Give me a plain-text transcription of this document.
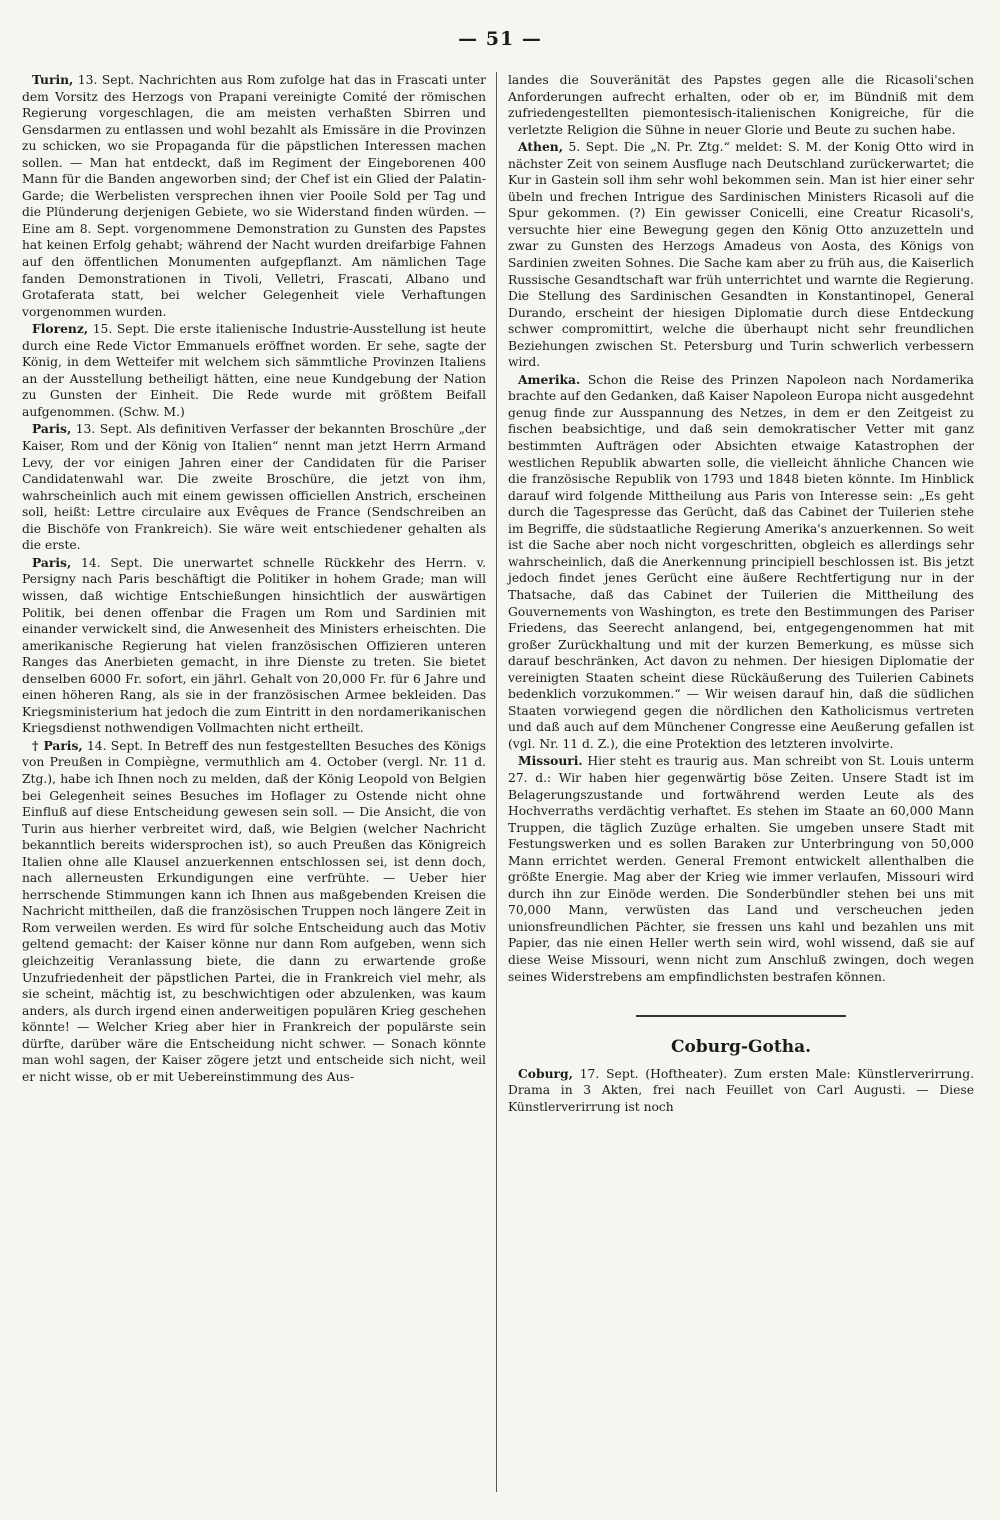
— 51 —

Turin, 13. Sept. Nachrichten aus Rom zufolge hat das in Frascati unter dem Vorsitz des Herzogs von Prapani vereinigte Comité der römischen Regierung vorgeschlagen, die am meisten verhaßten Sbirren und Gensdarmen zu entlassen und wohl bezahlt als Emissäre in die Provinzen zu schicken, wo sie Propaganda für die päpstlichen Interessen machen sollen. — Man hat entdeckt, daß im Regiment der Eingeborenen 400 Mann für die Banden angeworben sind; der Chef ist ein Glied der Palatin-Garde; die Werbelisten versprechen ihnen vier Pooile Sold per Tag und die Plünderung derjenigen Gebiete, wo sie Widerstand finden würden. — Eine am 8. Sept. vorgenommene Demonstration zu Gunsten des Papstes hat keinen Erfolg gehabt; während der Nacht wurden dreifarbige Fahnen auf den öffentlichen Monumenten aufgepflanzt. Am nämlichen Tage fanden Demonstrationen in Tivoli, Velletri, Frascati, Albano und Grotaferata statt, bei welcher Gelegenheit viele Verhaftungen vorgenommen wurden.

Florenz, 15. Sept. Die erste italienische Industrie-Ausstellung ist heute durch eine Rede Victor Emmanuels eröffnet worden. Er sehe, sagte der König, in dem Wetteifer mit welchem sich sämmtliche Provinzen Italiens an der Ausstellung betheiligt hätten, eine neue Kundgebung der Nation zu Gunsten der Einheit. Die Rede wurde mit größtem Beifall aufgenommen. (Schw. M.)

Paris, 13. Sept. Als definitiven Verfasser der bekannten Broschüre „der Kaiser, Rom und der König von Italien“ nennt man jetzt Herrn Armand Levy, der vor einigen Jahren einer der Candidaten für die Pariser Candidatenwahl war. Die zweite Broschüre, die jetzt von ihm, wahrscheinlich auch mit einem gewissen officiellen Anstrich, erscheinen soll, heißt: Lettre circulaire aux Evêques de France (Sendschreiben an die Bischöfe von Frankreich). Sie wäre weit entschiedener gehalten als die erste.

Paris, 14. Sept. Die unerwartet schnelle Rückkehr des Herrn. v. Persigny nach Paris beschäftigt die Politiker in hohem Grade; man will wissen, daß wichtige Entschießungen hinsichtlich der auswärtigen Politik, bei denen offenbar die Fragen um Rom und Sardinien mit einander verwickelt sind, die Anwesenheit des Ministers erheischten. Die amerikanische Regierung hat vielen französischen Offizieren unteren Ranges das Anerbieten gemacht, in ihre Dienste zu treten. Sie bietet denselben 6000 Fr. sofort, ein jährl. Gehalt von 20,000 Fr. für 6 Jahre und einen höheren Rang, als sie in der französischen Armee bekleiden. Das Kriegsministerium hat jedoch die zum Eintritt in den nordamerikanischen Kriegsdienst nothwendigen Vollmachten nicht ertheilt.

† Paris, 14. Sept. In Betreff des nun festgestellten Besuches des Königs von Preußen in Compiègne, vermuthlich am 4. October (vergl. Nr. 11 d. Ztg.), habe ich Ihnen noch zu melden, daß der König Leopold von Belgien bei Gelegenheit seines Besuches im Hoflager zu Ostende nicht ohne Einfluß auf diese Entscheidung gewesen sein soll. — Die Ansicht, die von Turin aus hierher verbreitet wird, daß, wie Belgien (welcher Nachricht bekanntlich bereits widersprochen ist), so auch Preußen das Königreich Italien ohne alle Klausel anzuerkennen entschlossen sei, ist denn doch, nach allerneusten Erkundigungen eine verfrühte. — Ueber hier herrschende Stimmungen kann ich Ihnen aus maßgebenden Kreisen die Nachricht mittheilen, daß die französischen Truppen noch längere Zeit in Rom verweilen werden. Es wird für solche Entscheidung auch das Motiv geltend gemacht: der Kaiser könne nur dann Rom aufgeben, wenn sich gleichzeitig Veranlassung biete, die dann zu erwartende große Unzufriedenheit der päpstlichen Partei, die in Frankreich viel mehr, als sie scheint, mächtig ist, zu beschwichtigen oder abzulenken, was kaum anders, als durch irgend einen anderweitigen populären Krieg geschehen könnte! — Welcher Krieg aber hier in Frankreich der populärste sein dürfte, darüber wäre die Entscheidung nicht schwer. — Sonach könnte man wohl sagen, der Kaiser zögere jetzt und entscheide sich nicht, weil er nicht wisse, ob er mit Uebereinstimmung des Aus-

landes die Souveränität des Papstes gegen alle die Ricasoli'schen Anforderungen aufrecht erhalten, oder ob er, im Bündniß mit dem zufriedengestellten piemontesisch-italienischen Konigreiche, für die verletzte Religion die Sühne in neuer Glorie und Beute zu suchen habe.

Athen, 5. Sept. Die „N. Pr. Ztg.“ meldet: S. M. der Konig Otto wird in nächster Zeit von seinem Ausfluge nach Deutschland zurückerwartet; die Kur in Gastein soll ihm sehr wohl bekommen sein. Man ist hier einer sehr übeln und frechen Intrigue des Sardinischen Ministers Ricasoli auf die Spur gekommen. (?) Ein gewisser Conicelli, eine Creatur Ricasoli's, versuchte hier eine Bewegung gegen den König Otto anzuzetteln und zwar zu Gunsten des Herzogs Amadeus von Aosta, des Königs von Sardinien zweiten Sohnes. Die Sache kam aber zu früh aus, die Kaiserlich Russische Gesandtschaft war früh unterrichtet und warnte die Regierung. Die Stellung des Sardinischen Gesandten in Konstantinopel, General Durando, erscheint der hiesigen Diplomatie durch diese Entdeckung schwer compromittirt, welche die überhaupt nicht sehr freundlichen Beziehungen zwischen St. Petersburg und Turin schwerlich verbessern wird.

Amerika. Schon die Reise des Prinzen Napoleon nach Nordamerika brachte auf den Gedanken, daß Kaiser Napoleon Europa nicht ausgedehnt genug finde zur Ausspannung des Netzes, in dem er den Zeitgeist zu fischen beabsichtige, und daß sein demokratischer Vetter mit ganz bestimmten Aufträgen oder Absichten etwaige Katastrophen der westlichen Republik abwarten solle, die vielleicht ähnliche Chancen wie die französische Republik von 1793 und 1848 bieten könnte. Im Hinblick darauf wird folgende Mittheilung aus Paris von Interesse sein: „Es geht durch die Tagespresse das Gerücht, daß das Cabinet der Tuilerien stehe im Begriffe, die südstaatliche Regierung Amerika's anzuerkennen. So weit ist die Sache aber noch nicht vorgeschritten, obgleich es allerdings sehr wahrscheinlich, daß die Anerkennung principiell beschlossen ist. Bis jetzt jedoch findet jenes Gerücht eine äußere Rechtfertigung nur in der Thatsache, daß das Cabinet der Tuilerien die Mittheilung des Gouvernements von Washington, es trete den Bestimmungen des Pariser Friedens, das Seerecht anlangend, bei, entgegengenommen hat mit großer Zurückhaltung und mit der kurzen Bemerkung, es müsse sich darauf beschränken, Act davon zu nehmen. Der hiesigen Diplomatie der vereinigten Staaten scheint diese Rückäußerung des Tuilerien Cabinets bedenklich vorzukommen.“ — Wir weisen darauf hin, daß die südlichen Staaten vorwiegend gegen die nördlichen den Katholicismus vertreten und daß auch auf dem Münchener Congresse eine Aeußerung gefallen ist (vgl. Nr. 11 d. Z.), die eine Protektion des letzteren involvirte.

Missouri. Hier steht es traurig aus. Man schreibt von St. Louis unterm 27. d.: Wir haben hier gegenwärtig böse Zeiten. Unsere Stadt ist im Belagerungszustande und fortwährend werden Leute als des Hochverraths verdächtig verhaftet. Es stehen im Staate an 60,000 Mann Truppen, die täglich Zuzüge erhalten. Sie umgeben unsere Stadt mit Festungswerken und es sollen Baraken zur Unterbringung von 50,000 Mann errichtet werden. General Fremont entwickelt allenthalben die größte Energie. Mag aber der Krieg wie immer verlaufen, Missouri wird durch ihn zur Einöde werden. Die Sonderbündler stehen bei uns mit 70,000 Mann, verwüsten das Land und verscheuchen jeden unionsfreundlichen Pächter, sie fressen uns kahl und bezahlen uns mit Papier, das nie einen Heller werth sein wird, wohl wissend, daß sie auf diese Weise Missouri, wenn nicht zum Anschluß zwingen, doch wegen seines Widerstrebens am empfindlichsten bestrafen können.

Coburg-Gotha.

Coburg, 17. Sept. (Hoftheater). Zum ersten Male: Künstlerverirrung. Drama in 3 Akten, frei nach Feuillet von Carl Augusti. — Diese Künstlerverirrung ist noch
